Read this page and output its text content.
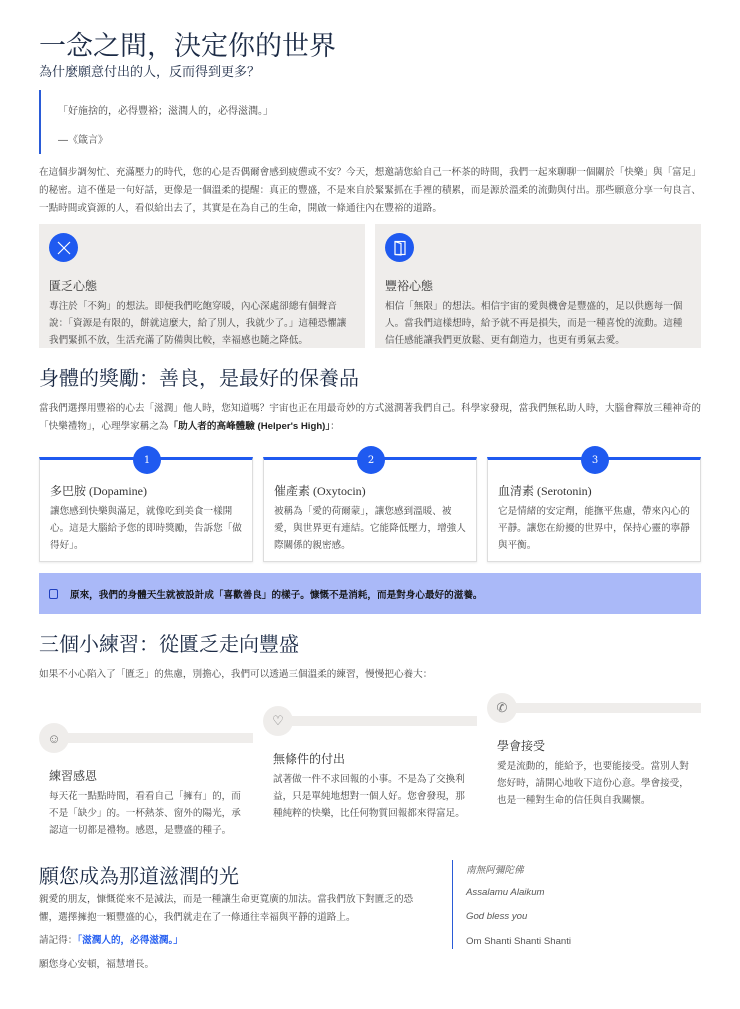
一念之間，決定你的世界
為什麼願意付出的人，反而得到更多？

「好施捨的，必得豐裕；滋潤人的，必得滋潤。」

—《箴言》

在這個步調匆忙、充滿壓力的時代，您的心是否偶爾會感到疲憊或不安？今天，想邀請您給自己一杯茶的時間，我們一起來聊聊一個關於「快樂」與「富足」的秘密。這不僅是一句好話，更像是一個溫柔的提醒：真正的豐盛，不是來自於緊緊抓在手裡的積累，而是源於溫柔的流動與付出。那些願意分享一句良言、一點時間或資源的人，看似給出去了，其實是在為自己的生命，開啟一條通往內在豐裕的道路。

匱乏心態

專注於「不夠」的想法。即便我們吃飽穿暖，內心深處卻總有個聲音說：「資源是有限的，餅就這麼大，給了別人，我就少了。」這種恐懼讓我們緊抓不放，生活充滿了防備與比較，幸福感也隨之降低。

豐裕心態

相信「無限」的想法。相信宇宙的愛與機會是豐盛的，足以供應每一個人。當我們這樣想時，給予就不再是損失，而是一種喜悅的流動。這種信任感能讓我們更放鬆、更有創造力，也更有勇氣去愛。

身體的獎勵：善良，是最好的保養品

當我們選擇用豐裕的心去「滋潤」他人時，您知道嗎？宇宙也正在用最奇妙的方式滋潤著我們自己。科學家發現，當我們無私助人時，大腦會釋放三種神奇的「快樂禮物」，心理學家稱之為「助人者的高峰體驗 (Helper's High)」：

1
多巴胺 (Dopamine)

讓您感到快樂與滿足，就像吃到美食一樣開心。這是大腦給予您的即時獎勵，告訴您「做得好」。

2
催產素 (Oxytocin)

被稱為「愛的荷爾蒙」，讓您感到溫暖、被愛，與世界更有連結。它能降低壓力，增強人際關係的親密感。

3
血清素 (Serotonin)

它是情緒的安定劑，能撫平焦慮，帶來內心的平靜。讓您在紛擾的世界中，保持心靈的寧靜與平衡。

原來，我們的身體天生就被設計成「喜歡善良」的樣子。慷慨不是消耗，而是對身心最好的滋養。
三個小練習：從匱乏走向豐盛

如果不小心陷入了「匱乏」的焦慮，別擔心，我們可以透過三個溫柔的練習，慢慢把心養大：

☺
練習感恩

每天花一點點時間，看看自己「擁有」的，而不是「缺少」的。一杯熱茶、窗外的陽光，承認這一切都是禮物。感恩，是豐盛的種子。

♡
無條件的付出

試著做一件不求回報的小事。不是為了交換利益，只是單純地想對一個人好。您會發現，那種純粹的快樂，比任何物質回報都來得富足。

✆
學會接受

愛是流動的，能給予，也要能接受。當別人對您好時，請開心地收下這份心意。學會接受，也是一種對生命的信任與自我關懷。

願您成為那道滋潤的光

親愛的朋友，慷慨從來不是減法，而是一種讓生命更寬廣的加法。當我們放下對匱乏的恐懼，選擇擁抱一顆豐盛的心，我們就走在了一條通往幸福與平靜的道路上。

請記得：「滋潤人的，必得滋潤。」

願您身心安頓，福慧增長。

南無阿彌陀佛

Assalamu Alaikum

God bless you

Om Shanti Shanti Shanti
